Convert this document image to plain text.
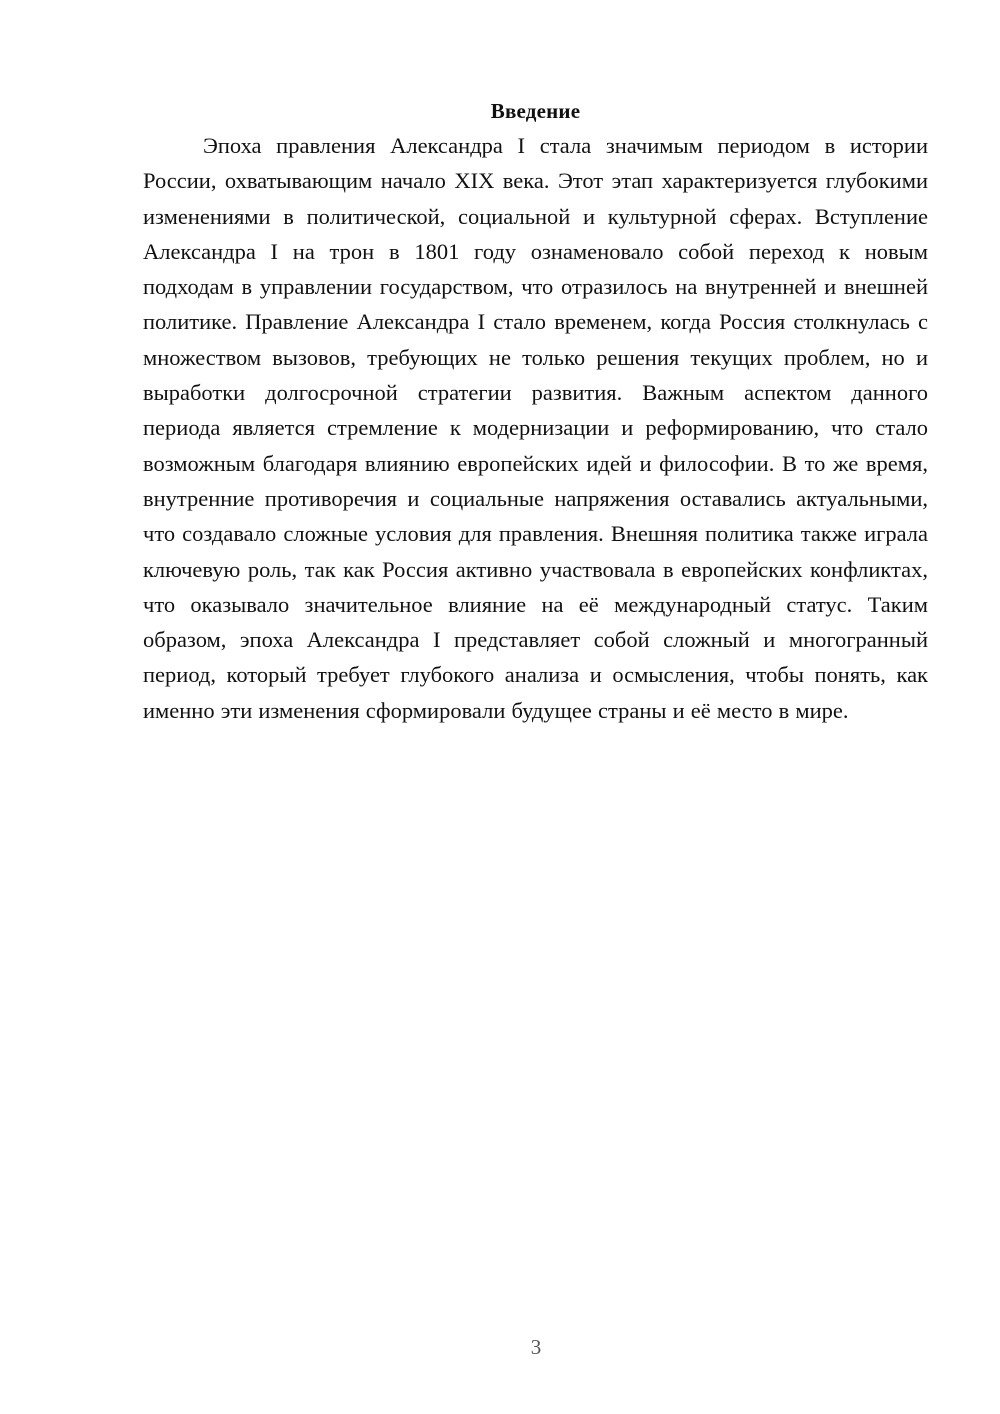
Введение

Эпоха правления Александра I стала значимым периодом в истории России, охватывающим начало XIX века. Этот этап характеризуется глубокими изменениями в политической, социальной и культурной сферах. Вступление Александра I на трон в 1801 году ознаменовало собой переход к новым подходам в управлении государством, что отразилось на внутренней и внешней политике. Правление Александра I стало временем, когда Россия столкнулась с множеством вызовов, требующих не только решения текущих проблем, но и выработки долгосрочной стратегии развития. Важным аспектом данного периода является стремление к модернизации и реформированию, что стало возможным благодаря влиянию европейских идей и философии. В то же время, внутренние противоречия и социальные напряжения оставались актуальными, что создавало сложные условия для правления. Внешняя политика также играла ключевую роль, так как Россия активно участвовала в европейских конфликтах, что оказывало значительное влияние на её международный статус. Таким образом, эпоха Александра I представляет собой сложный и многогранный период, который требует глубокого анализа и осмысления, чтобы понять, как именно эти изменения сформировали будущее страны и её место в мире.

3
